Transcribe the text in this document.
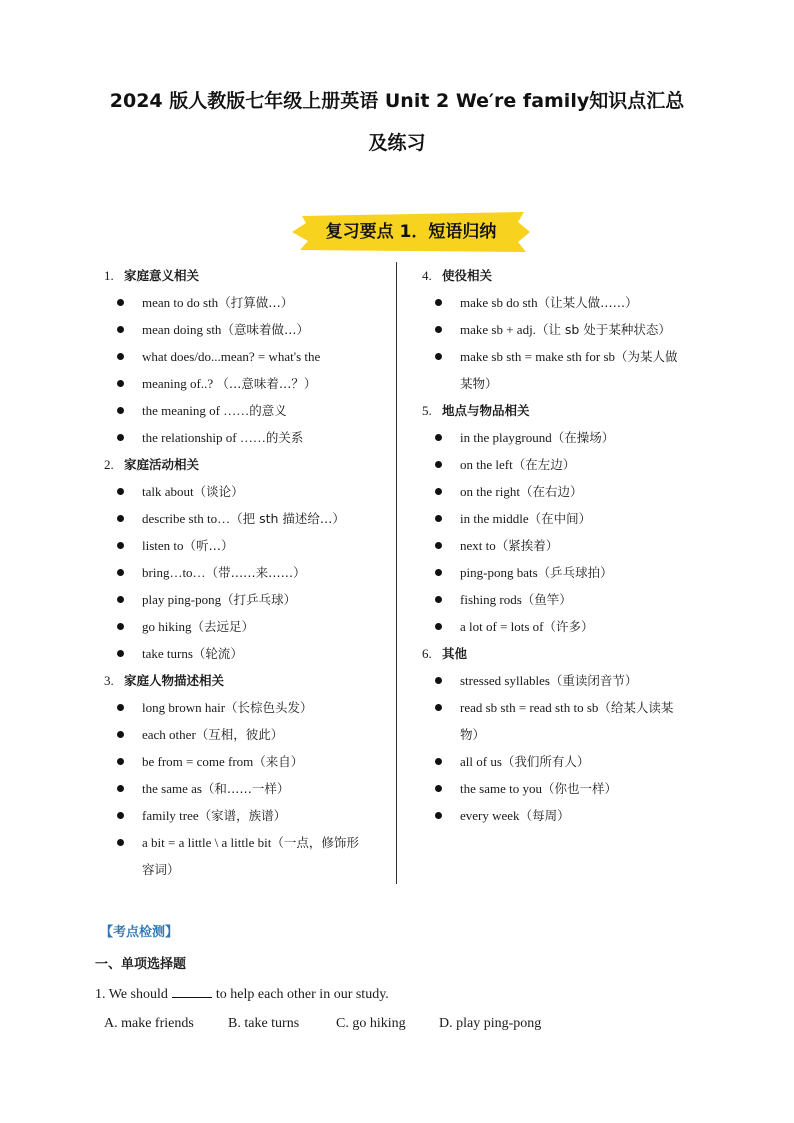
2024 版人教版七年级上册英语 Unit 2 We′re family知识点汇总
及练习
复习要点 1．短语归纳
1. 家庭意义相关
mean to do sth（打算做…）
mean doing sth（意味着做…）
what does/do...mean? = what's the
meaning of..? （…意味着…？）
the meaning of ……的意义
the relationship of ……的关系
2. 家庭活动相关
talk about（谈论）
describe sth to…（把 sth 描述给…）
listen to（听…）
bring…to…（带……来……）
play ping-pong（打乒乓球）
go hiking（去远足）
take turns（轮流）
3. 家庭人物描述相关
long brown hair（长棕色头发）
each other（互相，彼此）
be from = come from（来自）
the same as（和……一样）
family tree（家谱，族谱）
a bit = a little \ a little bit（一点，修饰形
容词）
4. 使役相关
make sb do sth（让某人做……）
make sb + adj.（让 sb 处于某种状态）
make sb sth = make sth for sb（为某人做
某物）
5. 地点与物品相关
in the playground（在操场）
on the left（在左边）
on the right（在右边）
in the middle（在中间）
next to（紧挨着）
ping-pong bats（乒乓球拍）
fishing rods（鱼竿）
a lot of = lots of（许多）
6. 其他
stressed syllables（重读闭音节）
read sb sth = read sth to sb（给某人读某
物）
all of us（我们所有人）
the same to you（你也一样）
every week（每周）
【考点检测】
一、单项选择题
1. We should	to help each other in our study.
A. make friends B. take turns	C. go hiking D. play ping-pong
